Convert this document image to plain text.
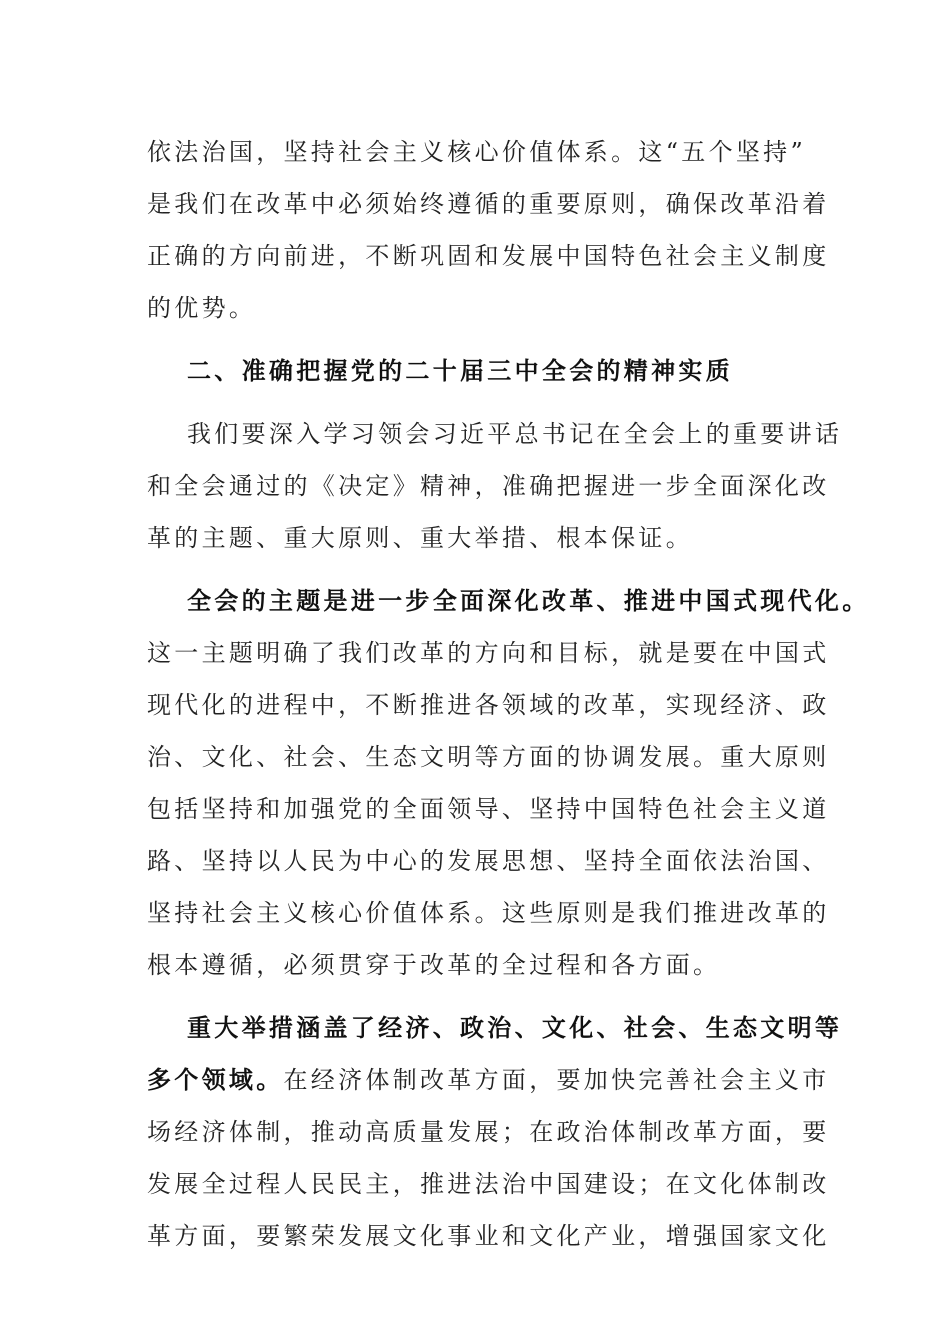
依法治国，坚持社会主义核心价值体系。这“五个坚持”
是我们在改革中必须始终遵循的重要原则，确保改革沿着
正确的方向前进，不断巩固和发展中国特色社会主义制度
的优势。

二、准确把握党的二十届三中全会的精神实质

我们要深入学习领会习近平总书记在全会上的重要讲话
和全会通过的《决定》精神，准确把握进一步全面深化改
革的主题、重大原则、重大举措、根本保证。

全会的主题是进一步全面深化改革、推进中国式现代化。
这一主题明确了我们改革的方向和目标，就是要在中国式
现代化的进程中，不断推进各领域的改革，实现经济、政
治、文化、社会、生态文明等方面的协调发展。重大原则
包括坚持和加强党的全面领导、坚持中国特色社会主义道
路、坚持以人民为中心的发展思想、坚持全面依法治国、
坚持社会主义核心价值体系。这些原则是我们推进改革的
根本遵循，必须贯穿于改革的全过程和各方面。

重大举措涵盖了经济、政治、文化、社会、生态文明等
多个领域。在经济体制改革方面，要加快完善社会主义市
场经济体制，推动高质量发展；在政治体制改革方面，要
发展全过程人民民主，推进法治中国建设；在文化体制改
革方面，要繁荣发展文化事业和文化产业，增强国家文化
